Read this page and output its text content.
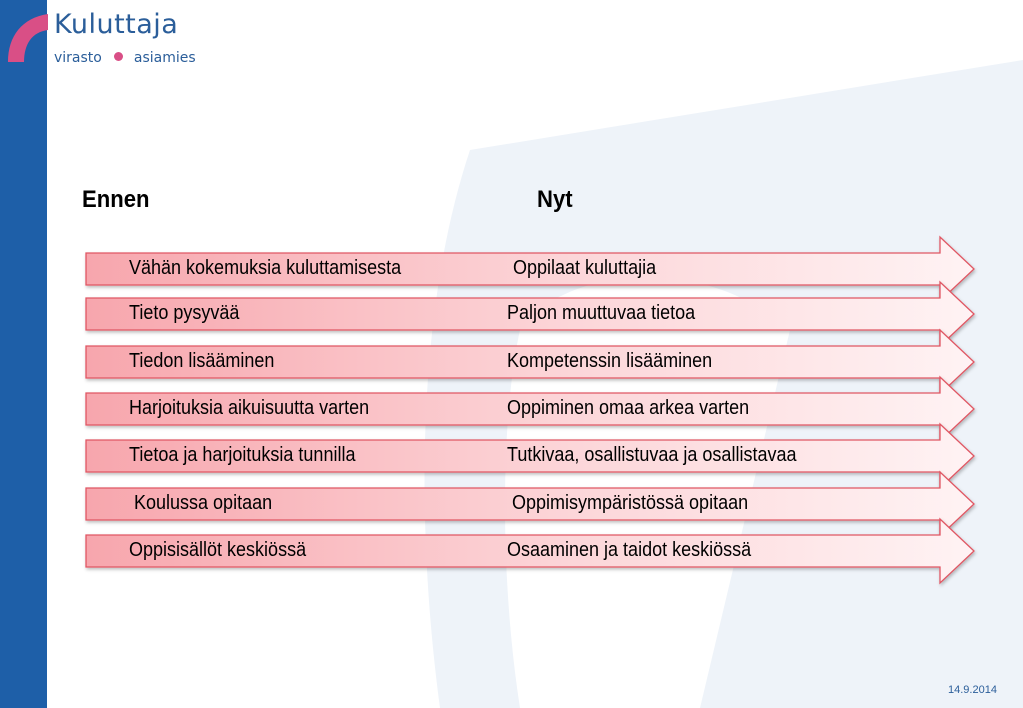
Kuluttaja
virasto asiamies
Ennen	Nyt
Vähän kokemuksia kuluttamisesta	Oppilaat kuluttajia
Tieto pysyvää	Paljon muuttuvaa tietoa
Tiedon lisääminen	Kompetenssin lisääminen
Harjoituksia aikuisuutta varten	Oppiminen omaa arkea varten
Tietoa ja harjoituksia tunnilla	Tutkivaa, osallistuvaa ja osallistavaa
Koulussa opitaan	Oppimisympäristössä opitaan
Oppisisällöt keskiössä	Osaaminen ja taidot keskiössä
14.9.2014
